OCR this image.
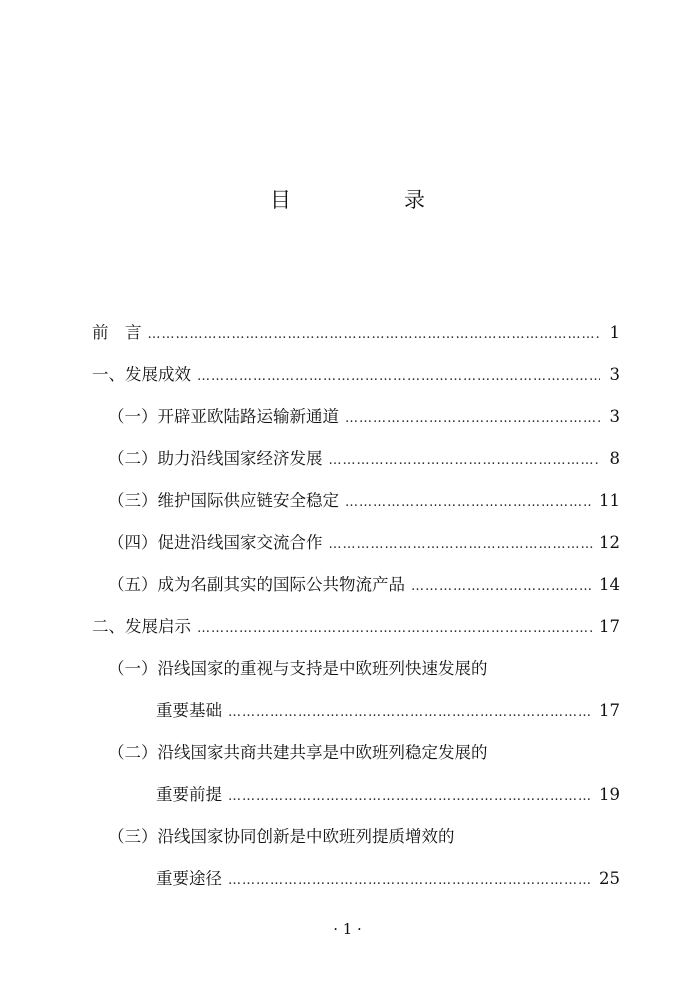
目　录
前　言 ……………………………………………………………………………………………………………………………………	1
一、发展成效 ……………………………………………………………………………………………………………………………………	3
（一）开辟亚欧陆路运输新通道 ……………………………………………………………………………………………………………………………………	3
（二）助力沿线国家经济发展 ……………………………………………………………………………………………………………………………………	8
（三）维护国际供应链安全稳定 ……………………………………………………………………………………………………………………………………	11
（四）促进沿线国家交流合作 ……………………………………………………………………………………………………………………………………	12
（五）成为名副其实的国际公共物流产品 ……………………………………………………………………………………………………………………………………	14
二、发展启示 ……………………………………………………………………………………………………………………………………	17
（一）沿线国家的重视与支持是中欧班列快速发展的
重要基础 ……………………………………………………………………………………………………………………………………	17
（二）沿线国家共商共建共享是中欧班列稳定发展的
重要前提 ……………………………………………………………………………………………………………………………………	19
（三）沿线国家协同创新是中欧班列提质增效的
重要途径 ……………………………………………………………………………………………………………………………………	25
· 1 ·
